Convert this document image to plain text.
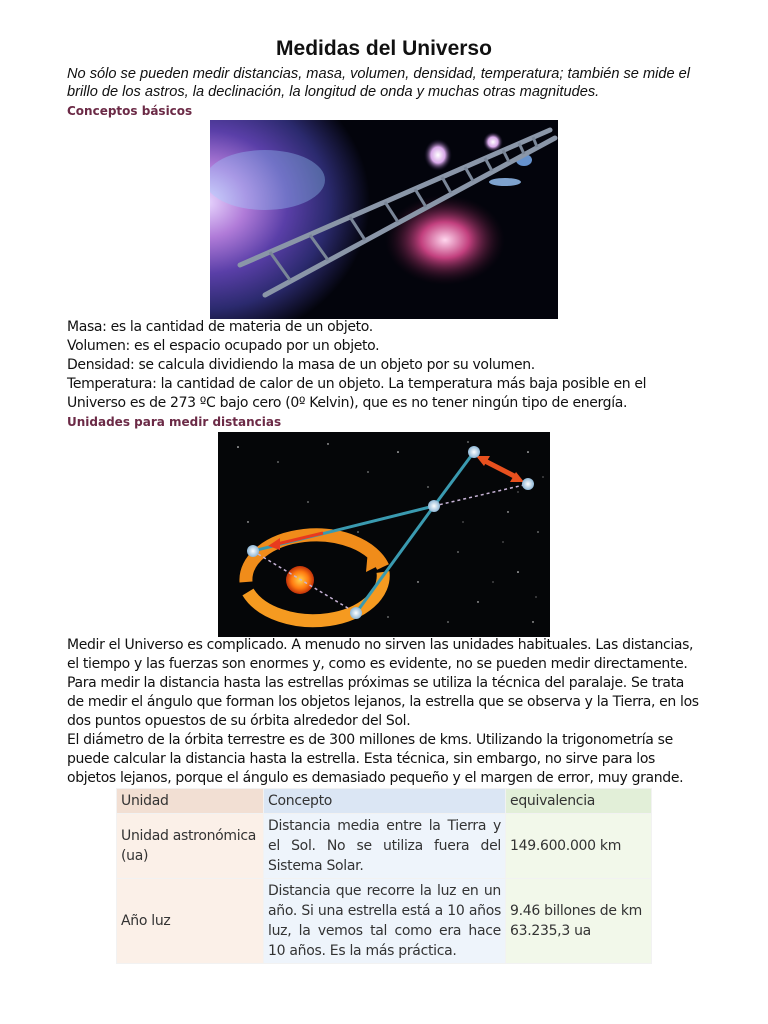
Medidas del Universo
No sólo se pueden medir distancias, masa, volumen, densidad, temperatura; también se mide el brillo de los astros, la declinación, la longitud de onda y muchas otras magnitudes.
Conceptos básicos

Masa: es la cantidad de materia de un objeto.

Volumen: es el espacio ocupado por un objeto.

Densidad: se calcula dividiendo la masa de un objeto por su volumen.

Temperatura: la cantidad de calor de un objeto. La temperatura más baja posible en el Universo es de 273 ºC bajo cero (0º Kelvin), que es no tener ningún tipo de energía.

Unidades para medir distancias

Medir el Universo es complicado. A menudo no sirven las unidades habituales. Las distancias, el tiempo y las fuerzas son enormes y, como es evidente, no se pueden medir directamente.

Para medir la distancia hasta las estrellas próximas se utiliza la técnica del paralaje. Se trata de medir el ángulo que forman los objetos lejanos, la estrella que se observa y la Tierra, en los dos puntos opuestos de su órbita alrededor del Sol.

El diámetro de la órbita terrestre es de 300 millones de kms. Utilizando la trigonometría se puede calcular la distancia hasta la estrella. Esta técnica, sin embargo, no sirve para los objetos lejanos, porque el ángulo es demasiado pequeño y el margen de error, muy grande.

Unidad	Concepto	equivalencia
Unidad astronómica (ua)	Distancia media entre la Tierra y el Sol. No se utiliza fuera del Sistema Solar.	149.600.000 km

Año luz	Distancia que recorre la luz en un año. Si una estrella está a 10 años luz, la vemos tal como era hace 10 años. Es la más práctica.	9.46 billones de km
63.235,3 ua
